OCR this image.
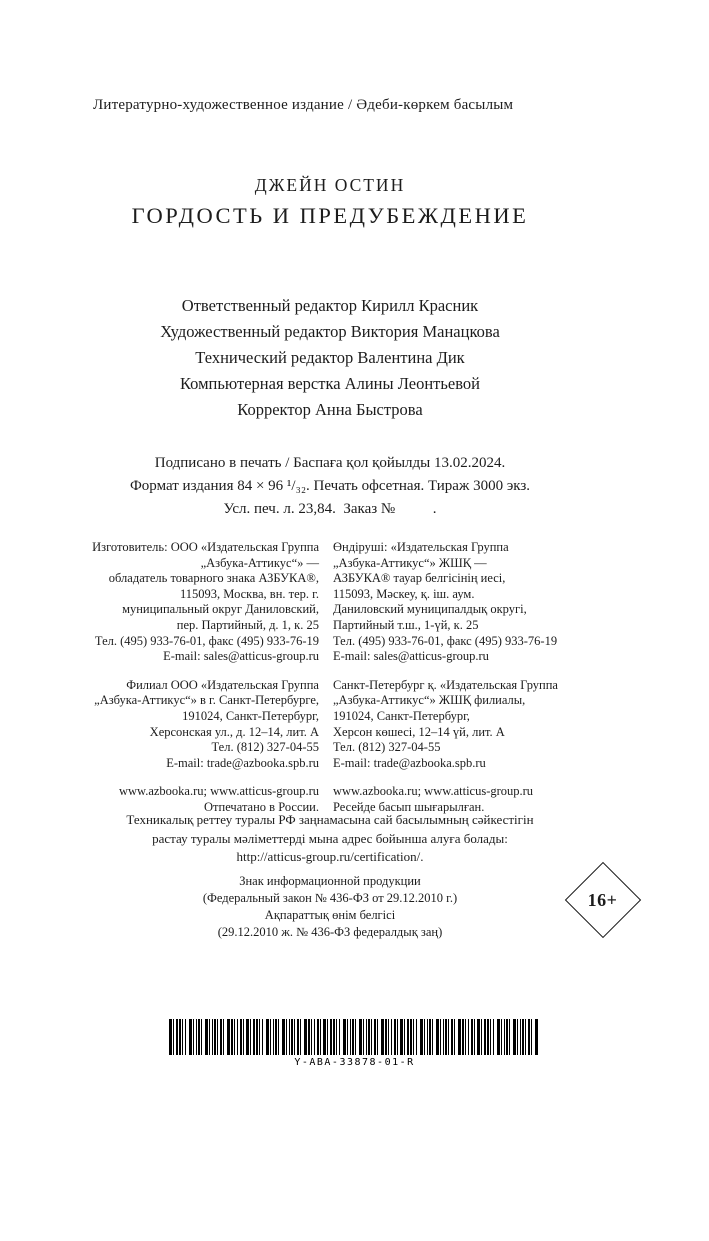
Литературно-художественное издание / Әдеби-көркем басылым
ДЖЕЙН ОСТИН
ГОРДОСТЬ И ПРЕДУБЕЖДЕНИЕ
Ответственный редактор Кирилл Красник
Художественный редактор Виктория Манацкова
Технический редактор Валентина Дик
Компьютерная верстка Алины Леонтьевой
Корректор Анна Быстрова
Подписано в печать / Баспаға қол қойылды 13.02.2024.
Формат издания 84 × 96 ¹/₃₂. Печать офсетная. Тираж 3000 экз.
Усл. печ. л. 23,84.  Заказ №          .
Изготовитель: ООО «Издательская Группа
„Азбука-Аттикус“» —
обладатель товарного знака АЗБУКА®,
115093, Москва, вн. тер. г.
муниципальный округ Даниловский,
пер. Партийный, д. 1, к. 25
Тел. (495) 933-76-01, факс (495) 933-76-19
E-mail: sales@atticus-group.ru
Филиал ООО «Издательская Группа
„Азбука-Аттикус“» в г. Санкт-Петербурге,
191024, Санкт-Петербург,
Херсонская ул., д. 12–14, лит. А
Тел. (812) 327-04-55
E-mail: trade@azbooka.spb.ru
www.azbooka.ru; www.atticus-group.ru
Отпечатано в России.
Өндіруші: «Издательская Группа
„Азбука-Аттикус“» ЖШҚ —
АЗБУКА® тауар белгісінің иесі,
115093, Мәскеу, қ. іш. аум.
Даниловский муниципалдық округі,
Партийный т.ш., 1-үй, к. 25
Тел. (495) 933-76-01, факс (495) 933-76-19
E-mail: sales@atticus-group.ru
Санкт-Петербург қ. «Издательская Группа
„Азбука-Аттикус“» ЖШҚ филиалы,
191024, Санкт-Петербург,
Херсон көшесі, 12–14 үй, лит. А
Тел. (812) 327-04-55
E-mail: trade@azbooka.spb.ru
www.azbooka.ru; www.atticus-group.ru
Ресейде басып шығарылған.
Техникалық реттеу туралы РФ заңнамасына сай басылымның сәйкестігін
растау туралы мәліметтерді мына адрес бойынша алуға болады:
http://atticus-group.ru/certification/.
Знак информационной продукции
(Федеральный закон № 436-ФЗ от 29.12.2010 г.)
Ақпараттық өнім белгісі
(29.12.2010 ж. № 436-ФЗ федералдық заң)
16+
Y-ABA-33878-01-R
